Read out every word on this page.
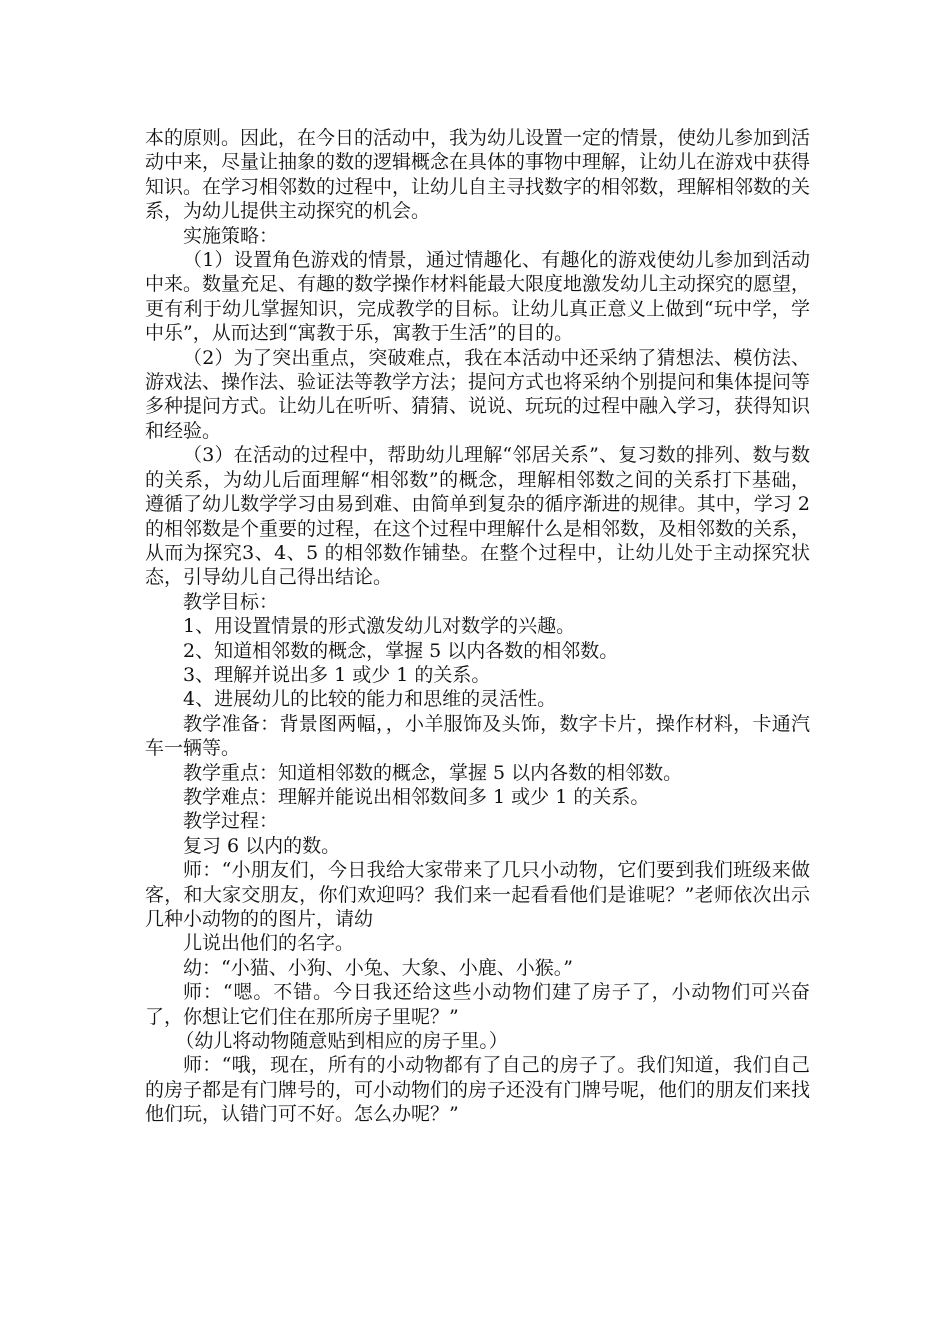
本的原则。因此，在今日的活动中，我为幼儿设置一定的情景，使幼儿参加到活动中来，尽量让抽象的数的逻辑概念在具体的事物中理解，让幼儿在游戏中获得知识。在学习相邻数的过程中，让幼儿自主寻找数字的相邻数，理解相邻数的关系，为幼儿提供主动探究的机会。

实施策略：

（1）设置角色游戏的情景，通过情趣化、有趣化的游戏使幼儿参加到活动中来。数量充足、有趣的数学操作材料能最大限度地激发幼儿主动探究的愿望，更有利于幼儿掌握知识，完成教学的目标。让幼儿真正意义上做到“玩中学，学中乐”，从而达到“寓教于乐，寓教于生活”的目的。

（2）为了突出重点，突破难点，我在本活动中还采纳了猜想法、模仿法、游戏法、操作法、验证法等教学方法；提问方式也将采纳个别提问和集体提问等多种提问方式。让幼儿在听听、猜猜、说说、玩玩的过程中融入学习，获得知识和经验。

（3）在活动的过程中，帮助幼儿理解“邻居关系”、复习数的排列、数与数的关系，为幼儿后面理解“相邻数”的概念，理解相邻数之间的关系打下基础，遵循了幼儿数学学习由易到难、由简单到复杂的循序渐进的规律。其中，学习 2 的相邻数是个重要的过程，在这个过程中理解什么是相邻数，及相邻数的关系，从而为探究3、4、5 的相邻数作铺垫。在整个过程中，让幼儿处于主动探究状态，引导幼儿自己得出结论。

教学目标：

1、用设置情景的形式激发幼儿对数学的兴趣。

2、知道相邻数的概念，掌握 5 以内各数的相邻数。

3、理解并说出多 1 或少 1 的关系。

4、进展幼儿的比较的能力和思维的灵活性。

教学准备：背景图两幅，，小羊服饰及头饰，数字卡片，操作材料，卡通汽车一辆等。

教学重点：知道相邻数的概念，掌握 5 以内各数的相邻数。

教学难点：理解并能说出相邻数间多 1 或少 1 的关系。

教学过程：

复习 6 以内的数。

师：“小朋友们，今日我给大家带来了几只小动物，它们要到我们班级来做客，和大家交朋友，你们欢迎吗？我们来一起看看他们是谁呢？”老师依次出示几种小动物的的图片，请幼

儿说出他们的名字。

幼：“小猫、小狗、小兔、大象、小鹿、小猴。”

师：“嗯。不错。今日我还给这些小动物们建了房子了，小动物们可兴奋了，你想让它们住在那所房子里呢？”

（幼儿将动物随意贴到相应的房子里。）

师：“哦，现在，所有的小动物都有了自己的房子了。我们知道，我们自己的房子都是有门牌号的，可小动物们的房子还没有门牌号呢，他们的朋友们来找他们玩，认错门可不好。怎么办呢？”
